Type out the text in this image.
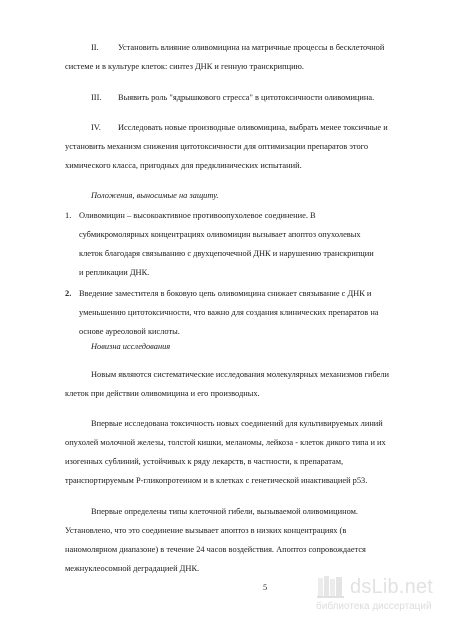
II. Установить влияние оливомицина на матричные процессы в бесклеточной
системе и в культуре клеток: синтез ДНК и генную транскрипцию.
III. Выявить роль "ядрышкового стресса" в цитотоксичности оливомицина.
IV. Исследовать новые производные оливомицина, выбрать менее токсичные и
установить механизм снижения цитотоксичности для оптимизации препаратов этого
химического класса, пригодных для предклинических испытаний.
Положения, выносимые на защиту.
1. Оливомицин – высокоактивное противоопухолевое соединение. В
субмикромолярных концентрациях оливомицин вызывает апоптоз опухолевых
клеток благодаря связыванию с двухцепочечной ДНК и нарушению транскрипции
и репликации ДНК.
2. Введение заместителя в боковую цепь оливомицина снижает связывание с ДНК и
уменьшению цитотоксичности, что важно для создания клинических препаратов на
основе ауреоловой кислоты.
Новизна исследования
Новым являются систематические исследования молекулярных механизмов гибели
клеток при действии оливомицина и его производных.
Впервые исследована токсичность новых соединений для культивируемых линий
опухолей молочной железы, толстой кишки, меланомы, лейкоза - клеток дикого типа и их
изогенных сублиний, устойчивых к ряду лекарств, в частности, к препаратам,
транспортируемым Р-гликопротеином и в клетках с генетической инактивацией р53.
Впервые определены типы клеточной гибели, вызываемой оливомицином.
Установлено, что это соединение вызывает апоптоз в низких концентрациях (в
наномолярном диапазоне) в течение 24 часов воздействия. Апоптоз сопровождается
межнуклеосомной деградацией ДНК.
5	dsLib.net
библиотека диссертаций
